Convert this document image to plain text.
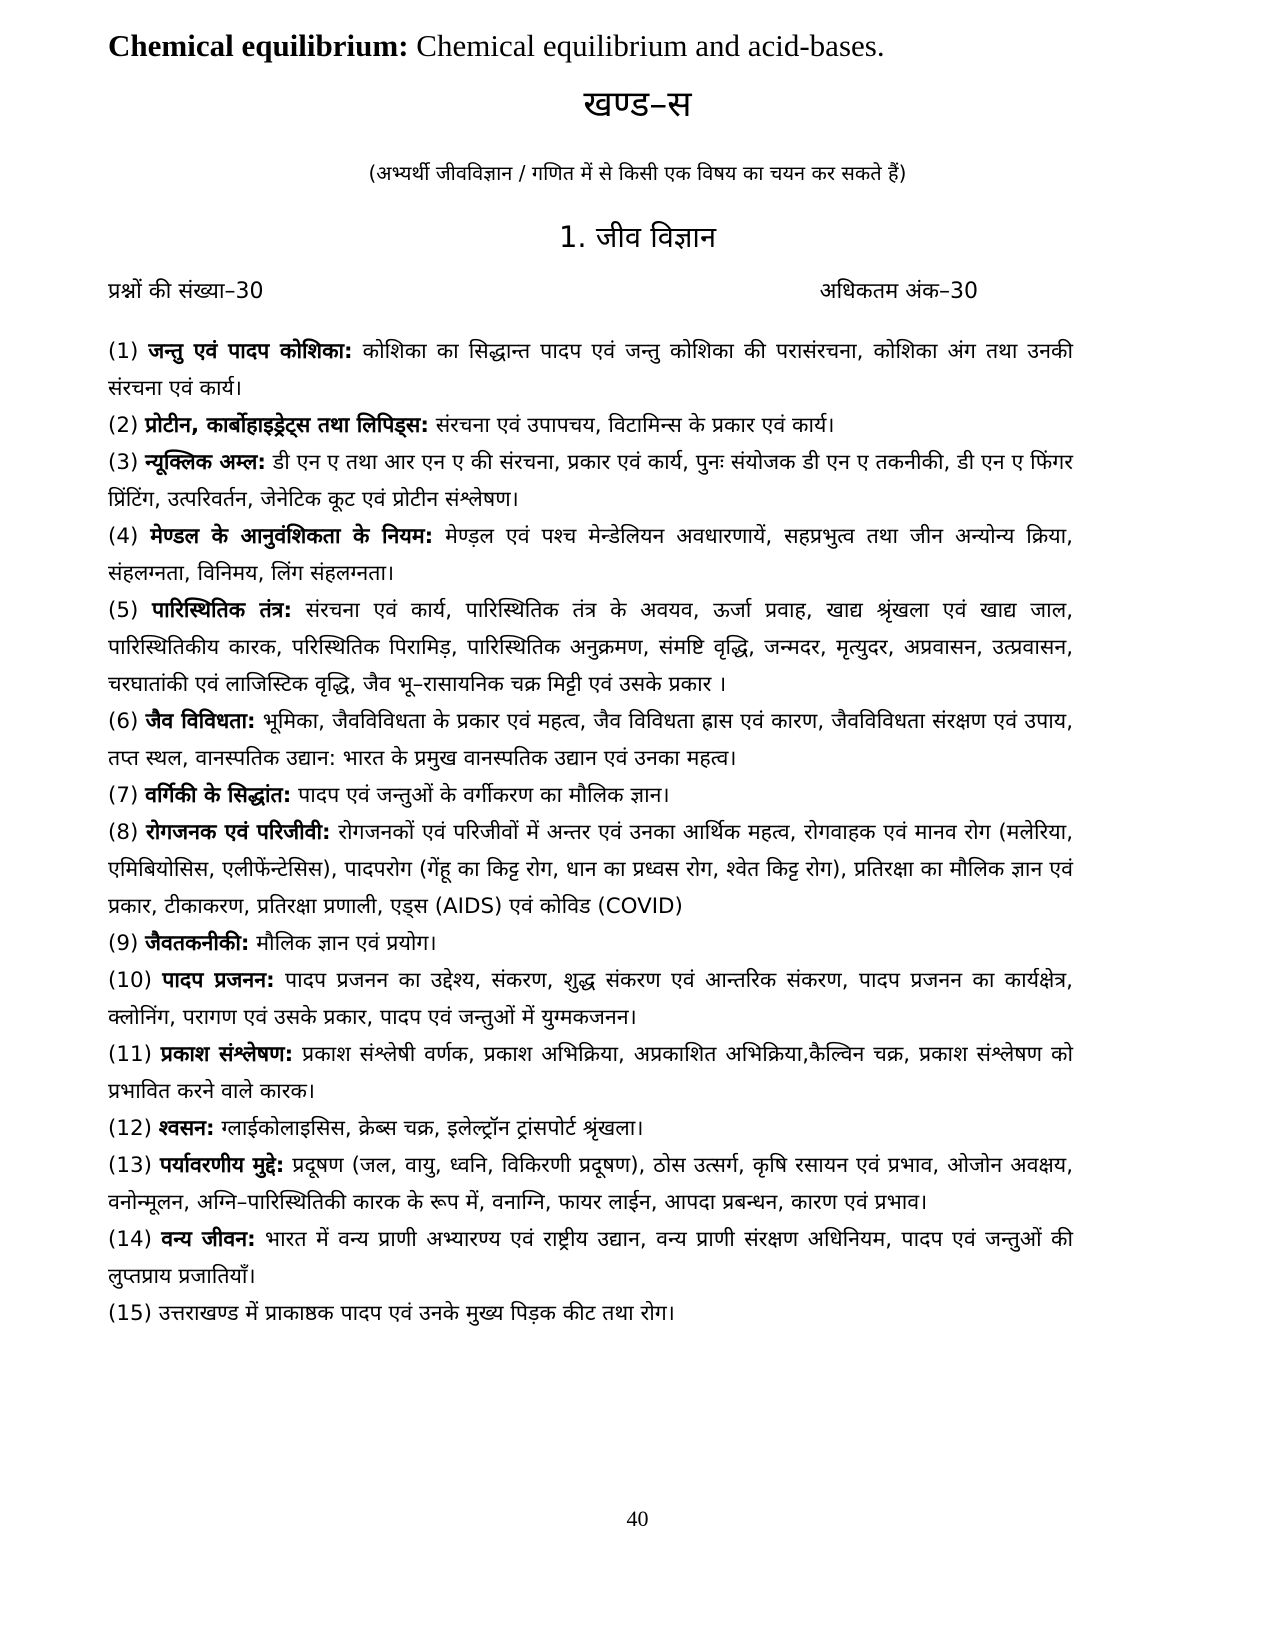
Chemical equilibrium: Chemical equilibrium and acid-bases.
खण्ड–स
(अभ्यर्थी जीवविज्ञान / गणित में से किसी एक विषय का चयन कर सकते हैं)
1. जीव विज्ञान
प्रश्नों की संख्या–30	अधिकतम अंक–30

(1) जन्तु एवं पादप कोशिका: कोशिका का सिद्धान्त पादप एवं जन्तु कोशिका की परासंरचना, कोशिका अंग तथा उनकी संरचना एवं कार्य।

(2) प्रोटीन, कार्बोहाइड्रेट्स तथा लिपिड्स: संरचना एवं उपापचय, विटामिन्स के प्रकार एवं कार्य।

(3) न्यूक्लिक अम्ल: डी एन ए तथा आर एन ए की संरचना, प्रकार एवं कार्य, पुनः संयोजक डी एन ए तकनीकी, डी एन ए फिंगर प्रिंटिंग, उत्परिवर्तन, जेनेटिक कूट एवं प्रोटीन संश्लेषण।

(4) मेण्डल के आनुवंशिकता के नियम: मेण्ड़ल एवं पश्च मेन्डेलियन अवधारणायें, सहप्रभुत्व तथा जीन अन्योन्य क्रिया, संहलग्नता, विनिमय, लिंग संहलग्नता।

(5) पारिस्थितिक तंत्र: संरचना एवं कार्य, पारिस्थितिक तंत्र के अवयव, ऊर्जा प्रवाह, खाद्य श्रृंखला एवं खाद्य जाल, पारिस्थितिकीय कारक, परिस्थितिक पिरामिड़, पारिस्थितिक अनुक्रमण, संमष्टि वृद्धि, जन्मदर, मृत्युदर, अप्रवासन, उत्प्रवासन, चरघातांकी एवं लाजिस्टिक वृद्धि, जैव भू–रासायनिक चक्र मिट्टी एवं उसके प्रकार ।

(6) जैव विविधता: भूमिका, जैवविविधता के प्रकार एवं महत्व, जैव विविधता ह्रास एवं कारण, जैवविविधता संरक्षण एवं उपाय, तप्त स्थल, वानस्पतिक उद्यान: भारत के प्रमुख वानस्पतिक उद्यान एवं उनका महत्व।

(7) वर्गिकी के सिद्धांत: पादप एवं जन्तुओं के वर्गीकरण का मौलिक ज्ञान।

(8) रोगजनक एवं परिजीवी: रोगजनकों एवं परिजीवों में अन्तर एवं उनका आर्थिक महत्व, रोगवाहक एवं मानव रोग (मलेरिया, एमिबियोसिस, एलीफेंन्टेसिस), पादपरोग (गेंहू का किट्ट रोग, धान का प्रध्वस रोग, श्वेत किट्ट रोग), प्रतिरक्षा का मौलिक ज्ञान एवं प्रकार, टीकाकरण, प्रतिरक्षा प्रणाली, एड्स (AIDS) एवं कोविड (COVID)

(9) जैवतकनीकी: मौलिक ज्ञान एवं प्रयोग।

(10) पादप प्रजनन: पादप प्रजनन का उद्देश्य, संकरण, शुद्ध संकरण एवं आन्तरिक संकरण, पादप प्रजनन का कार्यक्षेत्र, क्लोनिंग, परागण एवं उसके प्रकार, पादप एवं जन्तुओं में युग्मकजनन।

(11) प्रकाश संश्लेषण: प्रकाश संश्लेषी वर्णक, प्रकाश अभिक्रिया, अप्रकाशित अभिक्रिया,कैल्विन चक्र, प्रकाश संश्लेषण को प्रभावित करने वाले कारक।

(12) श्वसन: ग्लाईकोलाइसिस, क्रेब्स चक्र, इलेल्ट्रॉन ट्रांसपोर्ट श्रृंखला।

(13) पर्यावरणीय मुद्दे: प्रदूषण (जल, वायु, ध्वनि, विकिरणी प्रदूषण), ठोस उत्सर्ग, कृषि रसायन एवं प्रभाव, ओजोन अवक्षय, वनोन्मूलन, अग्नि–पारिस्थितिकी कारक के रूप में, वनाग्नि, फायर लाईन, आपदा प्रबन्धन, कारण एवं प्रभाव।

(14) वन्य जीवन: भारत में वन्य प्राणी अभ्यारण्य एवं राष्ट्रीय उद्यान, वन्य प्राणी संरक्षण अधिनियम, पादप एवं जन्तुओं की लुप्तप्राय प्रजातियाँ।

(15) उत्तराखण्ड में प्राकाष्ठक पादप एवं उनके मुख्य पिड़क कीट तथा रोग।

40
